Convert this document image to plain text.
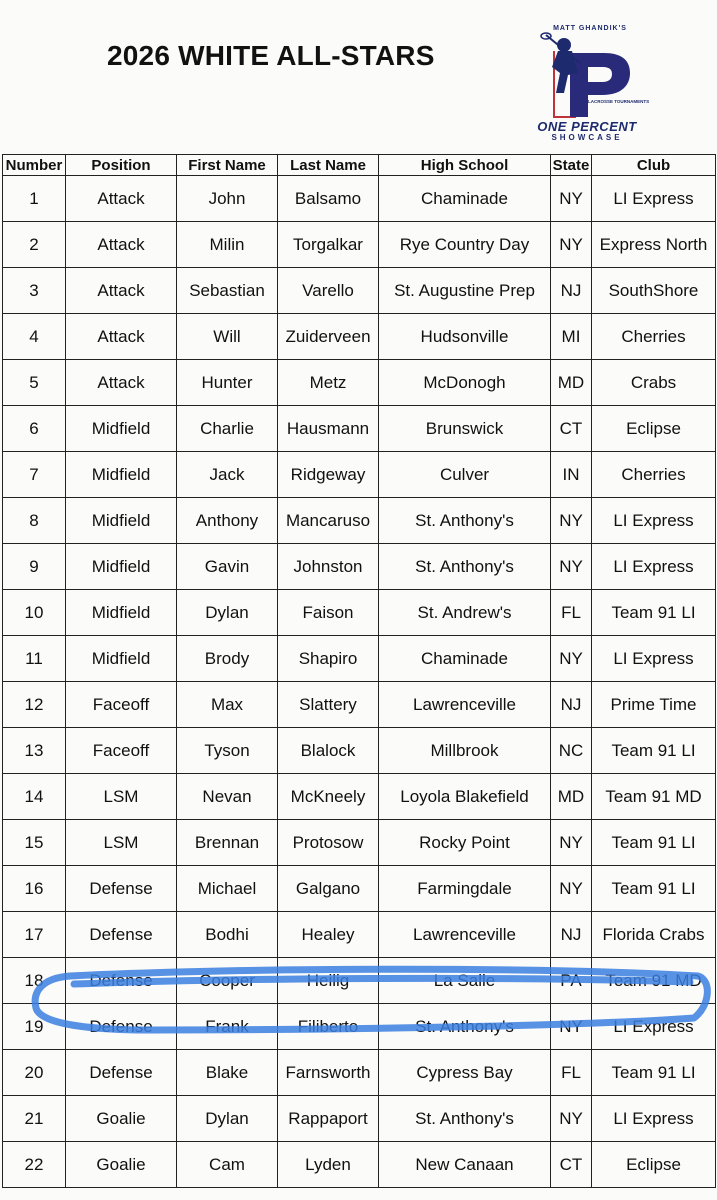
2026 WHITE ALL-STARS
MATT GHANDIK'S
LACROSSE TOURNAMENTS
ONE PERCENT
SHOWCASE
Number	Position	First Name	Last Name	High School	State	Club
1	Attack	John	Balsamo	Chaminade	NY	LI Express
2	Attack	Milin	Torgalkar	Rye Country Day	NY	Express North
3	Attack	Sebastian	Varello	St. Augustine Prep	NJ	SouthShore
4	Attack	Will	Zuiderveen	Hudsonville	MI	Cherries
5	Attack	Hunter	Metz	McDonogh	MD	Crabs
6	Midfield	Charlie	Hausmann	Brunswick	CT	Eclipse
7	Midfield	Jack	Ridgeway	Culver	IN	Cherries
8	Midfield	Anthony	Mancaruso	St. Anthony's	NY	LI Express
9	Midfield	Gavin	Johnston	St. Anthony's	NY	LI Express
10	Midfield	Dylan	Faison	St. Andrew's	FL	Team 91 LI
11	Midfield	Brody	Shapiro	Chaminade	NY	LI Express
12	Faceoff	Max	Slattery	Lawrenceville	NJ	Prime Time
13	Faceoff	Tyson	Blalock	Millbrook	NC	Team 91 LI
14	LSM	Nevan	McKneely	Loyola Blakefield	MD	Team 91 MD
15	LSM	Brennan	Protosow	Rocky Point	NY	Team 91 LI
16	Defense	Michael	Galgano	Farmingdale	NY	Team 91 LI
17	Defense	Bodhi	Healey	Lawrenceville	NJ	Florida Crabs
18	Defense	Cooper	Heilig	La Salle	PA	Team 91 MD
19	Defense	Frank	Filiberto	St. Anthony's	NY	LI Express
20	Defense	Blake	Farnsworth	Cypress Bay	FL	Team 91 LI
21	Goalie	Dylan	Rappaport	St. Anthony's	NY	LI Express
22	Goalie	Cam	Lyden	New Canaan	CT	Eclipse
